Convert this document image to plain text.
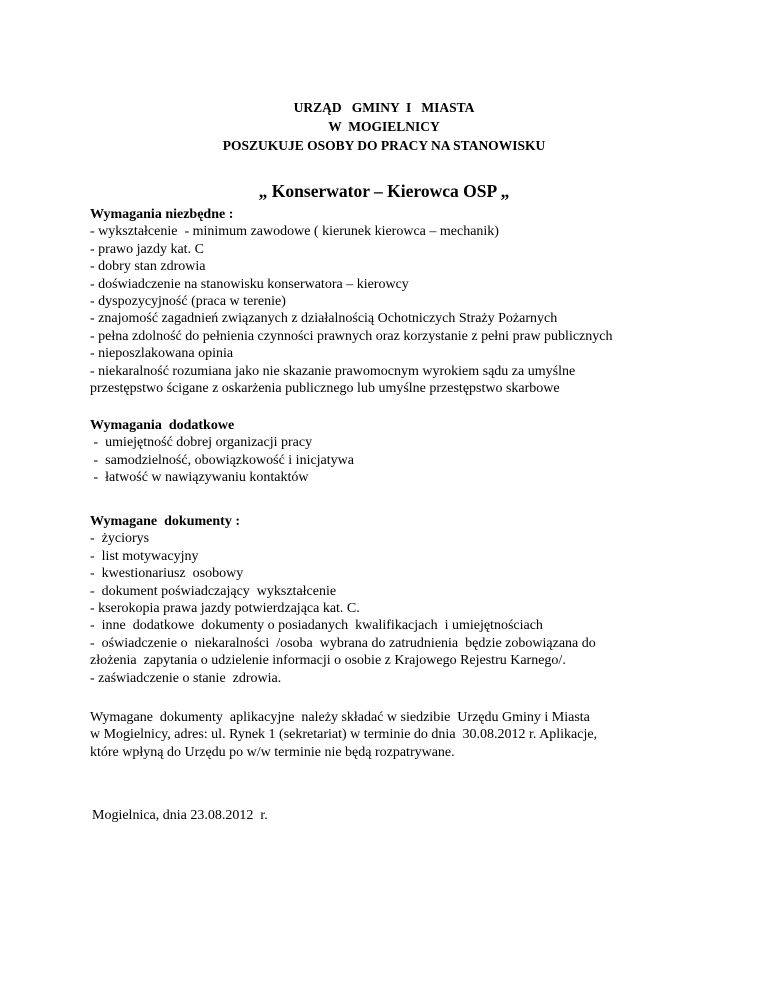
URZĄD   GMINY  I   MIASTA
W  MOGIELNICY
POSZUKUJE OSOBY DO PRACY NA STANOWISKU
„ Konserwator – Kierowca OSP „
Wymagania niezbędne :
- wykształcenie  - minimum zawodowe ( kierunek kierowca – mechanik)
- prawo jazdy kat. C
- dobry stan zdrowia
- doświadczenie na stanowisku konserwatora – kierowcy
- dyspozycyjność (praca w terenie)
- znajomość zagadnień związanych z działalnością Ochotniczych Straży Pożarnych
- pełna zdolność do pełnienia czynności prawnych oraz korzystanie z pełni praw publicznych
- nieposzlakowana opinia
- niekaralność rozumiana jako nie skazanie prawomocnym wyrokiem sądu za umyślne
przestępstwo ścigane z oskarżenia publicznego lub umyślne przestępstwo skarbowe
Wymagania  dodatkowe
-  umiejętność dobrej organizacji pracy
-  samodzielność, obowiązkowość i inicjatywa
-  łatwość w nawiązywaniu kontaktów
Wymagane  dokumenty :
-  życiorys
-  list motywacyjny
-  kwestionariusz  osobowy
-  dokument poświadczający  wykształcenie
- kserokopia prawa jazdy potwierdzająca kat. C.
-  inne  dodatkowe  dokumenty o posiadanych  kwalifikacjach  i umiejętnościach
-  oświadczenie o  niekaralności  /osoba  wybrana do zatrudnienia  będzie zobowiązana do
złożenia  zapytania o udzielenie informacji o osobie z Krajowego Rejestru Karnego/.
- zaświadczenie o stanie  zdrowia.
Wymagane  dokumenty  aplikacyjne  należy składać w siedzibie  Urzędu Gminy i Miasta
w Mogielnicy, adres: ul. Rynek 1 (sekretariat) w terminie do dnia  30.08.2012 r. Aplikacje,
które wpłyną do Urzędu po w/w terminie nie będą rozpatrywane.
Mogielnica, dnia 23.08.2012  r.
